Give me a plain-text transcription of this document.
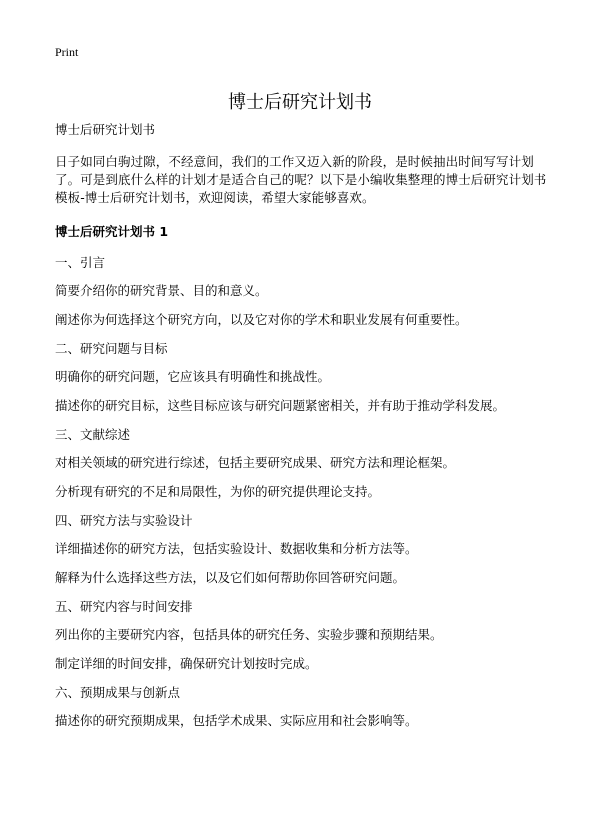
Print
博士后研究计划书

博士后研究计划书

日子如同白驹过隙，不经意间，我们的工作又迈入新的阶段，是时候抽出时间写写计划了。可是到底什么样的计划才是适合自己的呢？以下是小编收集整理的博士后研究计划书模板-博士后研究计划书，欢迎阅读，希望大家能够喜欢。

博士后研究计划书 1

一、引言

简要介绍你的研究背景、目的和意义。

阐述你为何选择这个研究方向，以及它对你的学术和职业发展有何重要性。

二、研究问题与目标

明确你的研究问题，它应该具有明确性和挑战性。

描述你的研究目标，这些目标应该与研究问题紧密相关，并有助于推动学科发展。

三、文献综述

对相关领域的研究进行综述，包括主要研究成果、研究方法和理论框架。

分析现有研究的不足和局限性，为你的研究提供理论支持。

四、研究方法与实验设计

详细描述你的研究方法，包括实验设计、数据收集和分析方法等。

解释为什么选择这些方法，以及它们如何帮助你回答研究问题。

五、研究内容与时间安排

列出你的主要研究内容，包括具体的研究任务、实验步骤和预期结果。

制定详细的时间安排，确保研究计划按时完成。

六、预期成果与创新点

描述你的研究预期成果，包括学术成果、实际应用和社会影响等。
